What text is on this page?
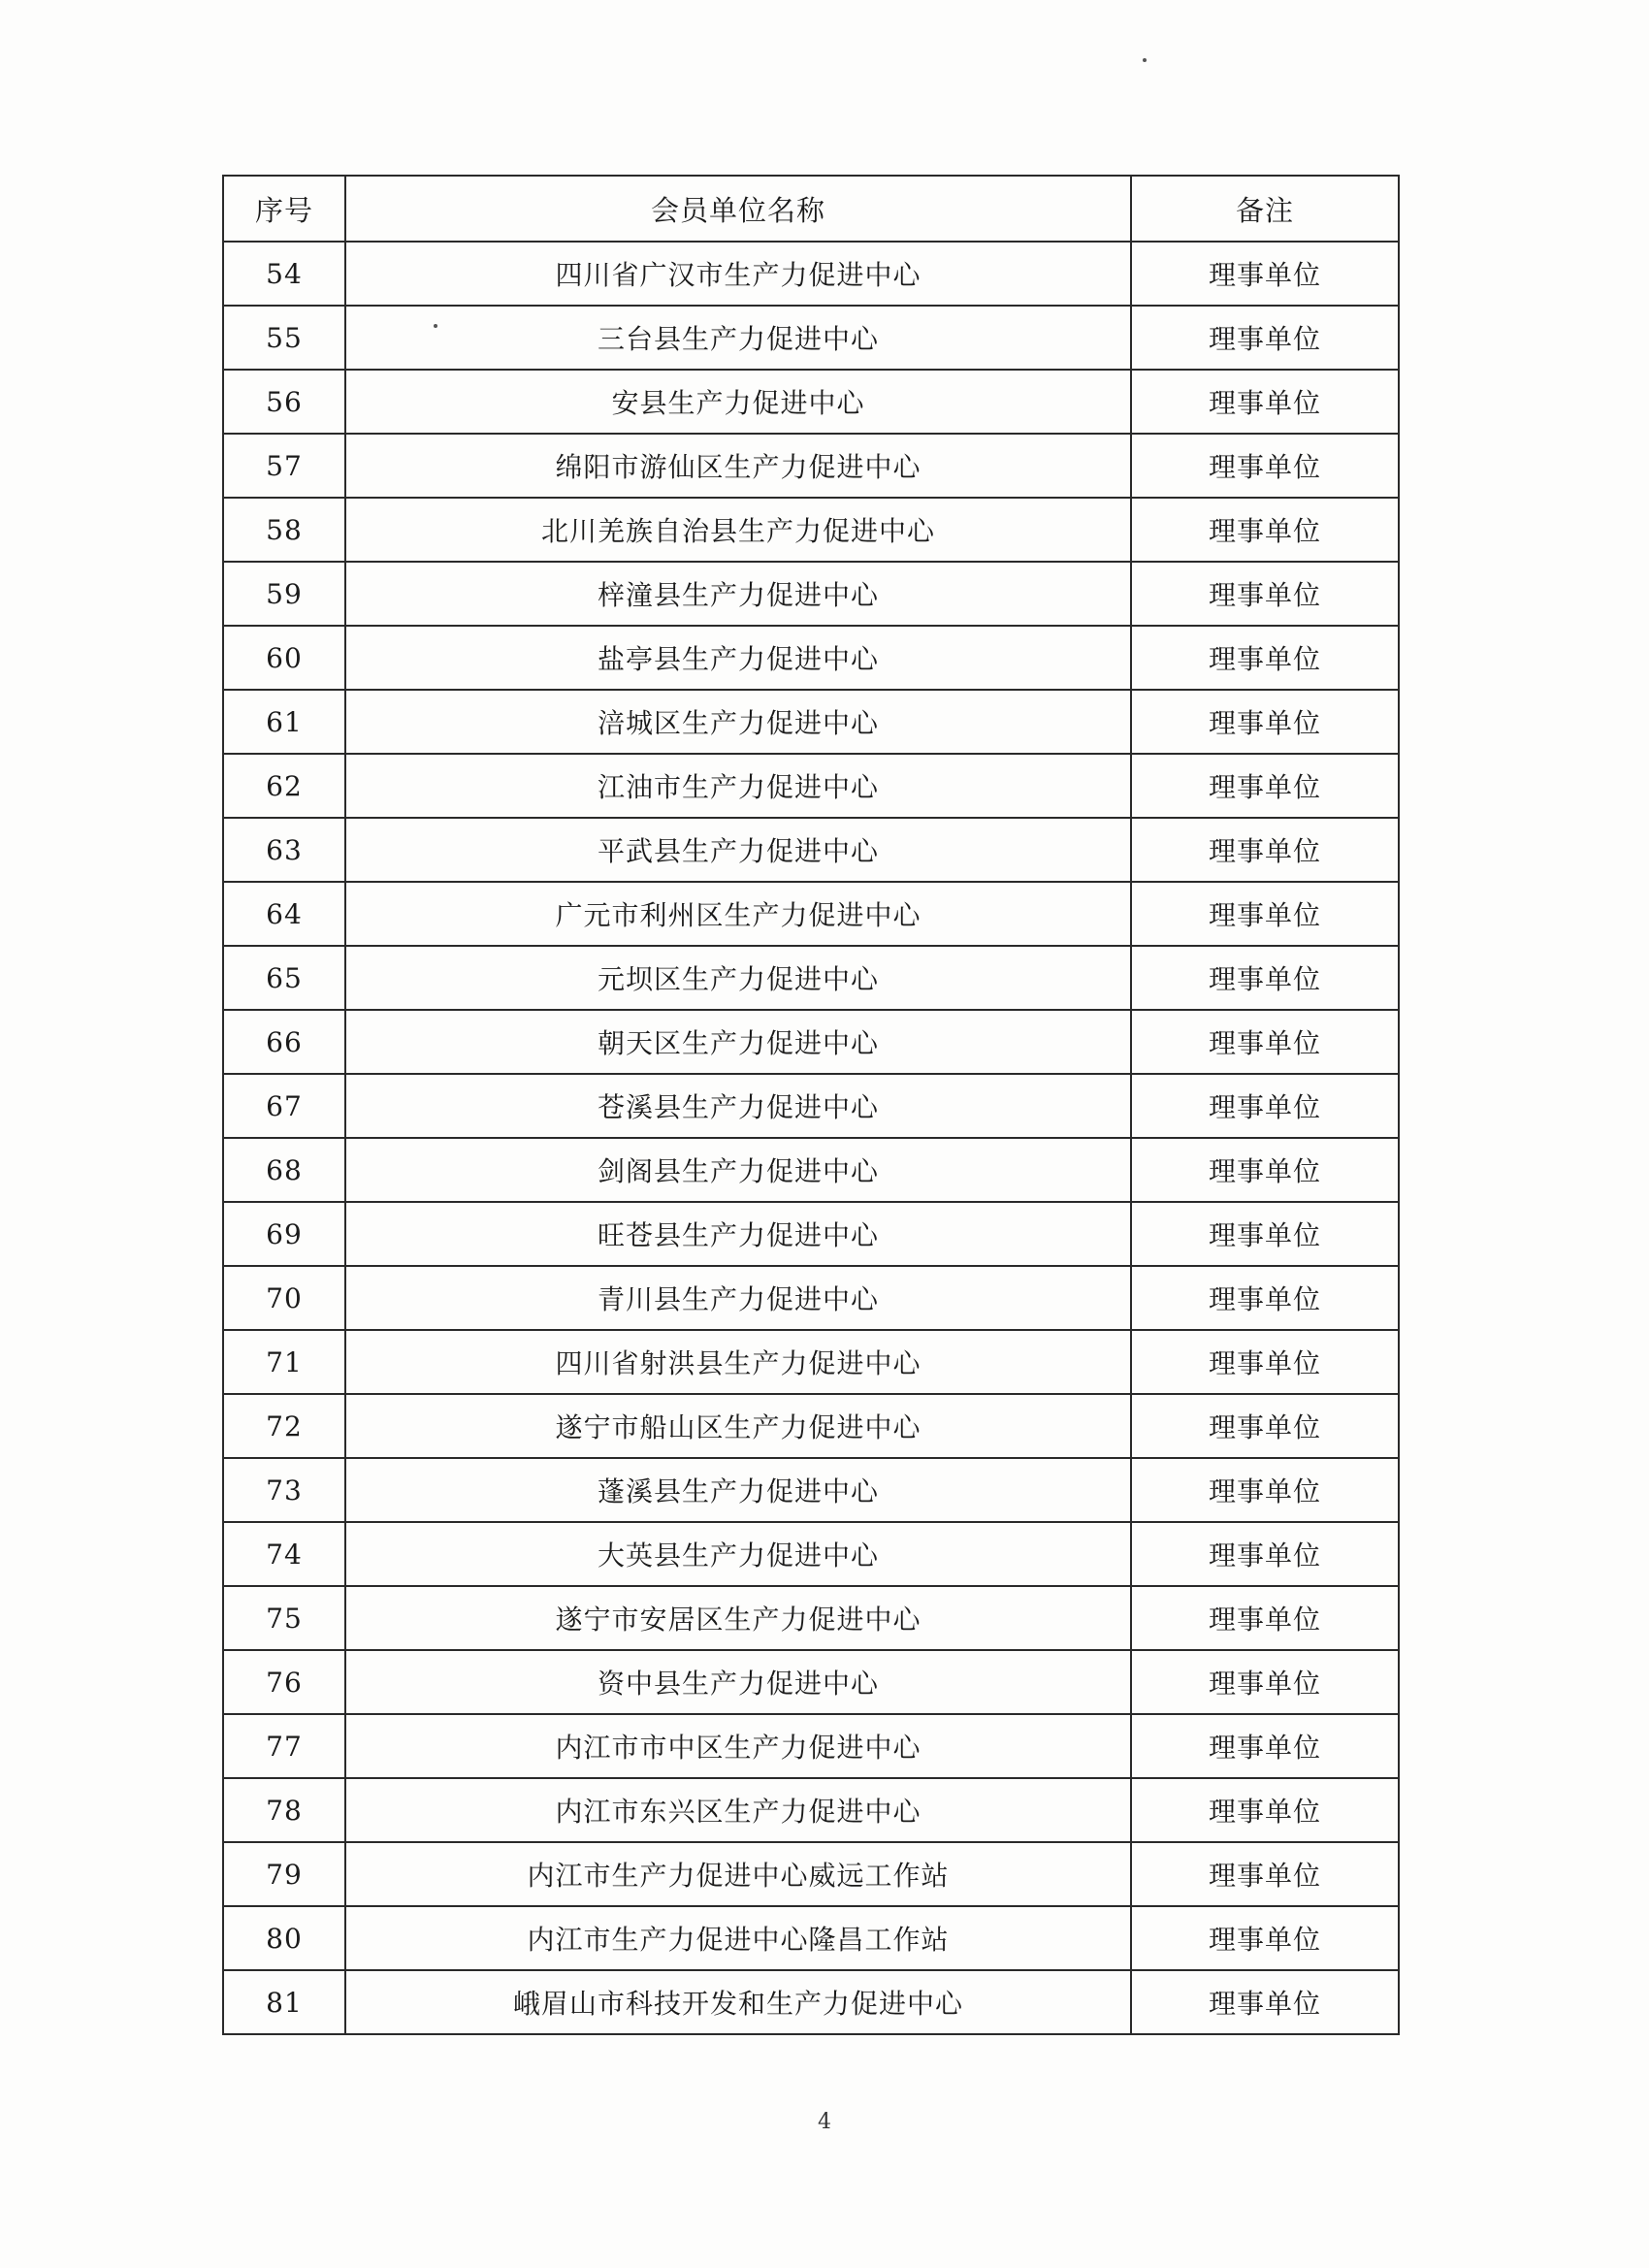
序号	会员单位名称	备注
54	四川省广汉市生产力促进中心	理事单位
55	三台县生产力促进中心	理事单位
56	安县生产力促进中心	理事单位
57	绵阳市游仙区生产力促进中心	理事单位
58	北川羌族自治县生产力促进中心	理事单位
59	梓潼县生产力促进中心	理事单位
60	盐亭县生产力促进中心	理事单位
61	涪城区生产力促进中心	理事单位
62	江油市生产力促进中心	理事单位
63	平武县生产力促进中心	理事单位
64	广元市利州区生产力促进中心	理事单位
65	元坝区生产力促进中心	理事单位
66	朝天区生产力促进中心	理事单位
67	苍溪县生产力促进中心	理事单位
68	剑阁县生产力促进中心	理事单位
69	旺苍县生产力促进中心	理事单位
70	青川县生产力促进中心	理事单位
71	四川省射洪县生产力促进中心	理事单位
72	遂宁市船山区生产力促进中心	理事单位
73	蓬溪县生产力促进中心	理事单位
74	大英县生产力促进中心	理事单位
75	遂宁市安居区生产力促进中心	理事单位
76	资中县生产力促进中心	理事单位
77	内江市市中区生产力促进中心	理事单位
78	内江市东兴区生产力促进中心	理事单位
79	内江市生产力促进中心威远工作站	理事单位
80	内江市生产力促进中心隆昌工作站	理事单位
81	峨眉山市科技开发和生产力促进中心	理事单位
4
